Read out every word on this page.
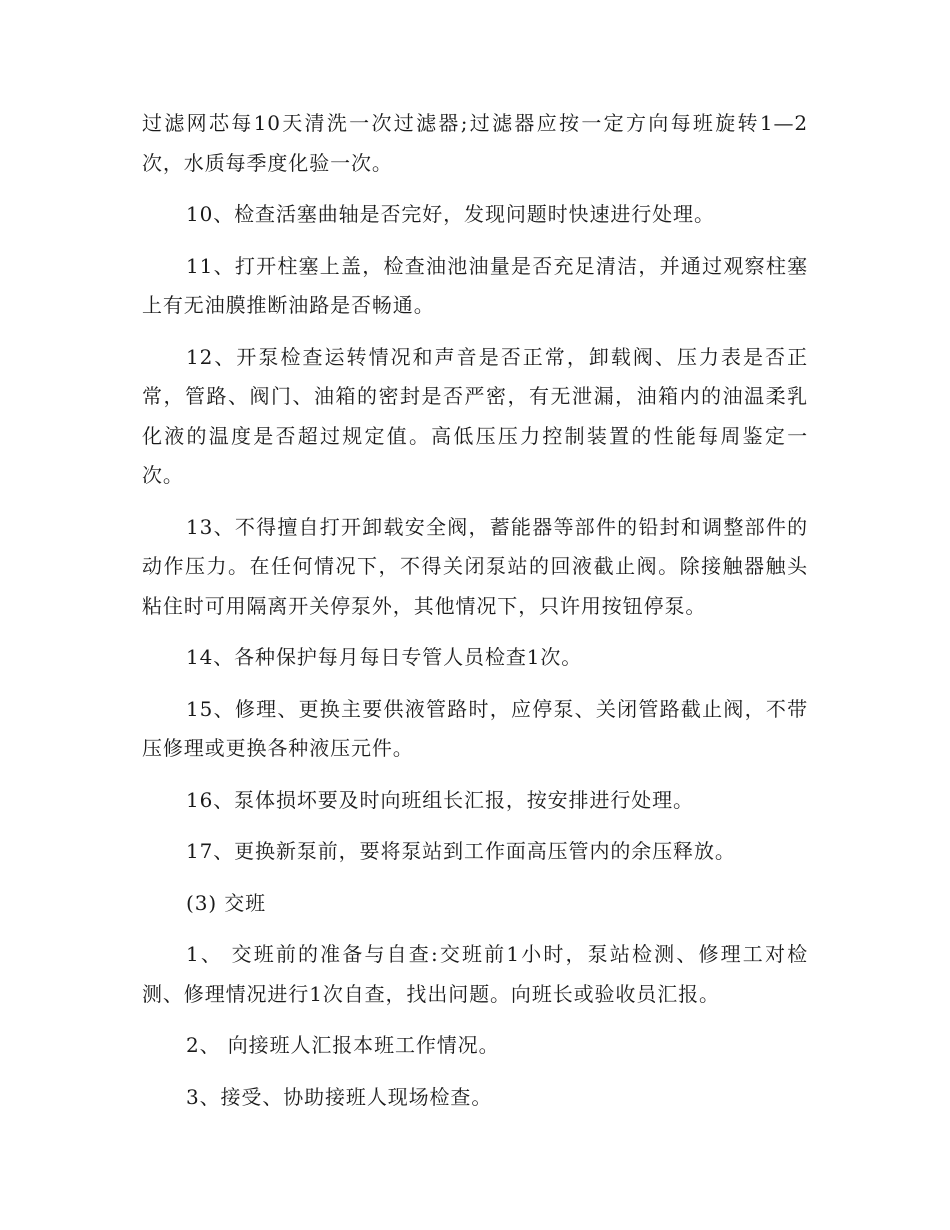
过滤网芯每10天清洗一次过滤器;过滤器应按一定方向每班旋转1—2次，水质每季度化验一次。

10、检查活塞曲轴是否完好，发现问题时快速进行处理。

11、打开柱塞上盖，检查油池油量是否充足清洁，并通过观察柱塞上有无油膜推断油路是否畅通。

12、开泵检查运转情况和声音是否正常，卸载阀、压力表是否正常，管路、阀门、油箱的密封是否严密，有无泄漏，油箱内的油温柔乳化液的温度是否超过规定值。高低压压力控制装置的性能每周鉴定一次。

13、不得擅自打开卸载安全阀，蓄能器等部件的铅封和调整部件的动作压力。在任何情况下，不得关闭泵站的回液截止阀。除接触器触头粘住时可用隔离开关停泵外，其他情况下，只许用按钮停泵。

14、各种保护每月每日专管人员检查1次。

15、修理、更换主要供液管路时，应停泵、关闭管路截止阀，不带压修理或更换各种液压元件。

16、泵体损坏要及时向班组长汇报，按安排进行处理。

17、更换新泵前，要将泵站到工作面高压管内的余压释放。

(3) 交班

1、 交班前的准备与自查:交班前1小时，泵站检测、修理工对检测、修理情况进行1次自查，找出问题。向班长或验收员汇报。

2、 向接班人汇报本班工作情况。

3、接受、协助接班人现场检查。
